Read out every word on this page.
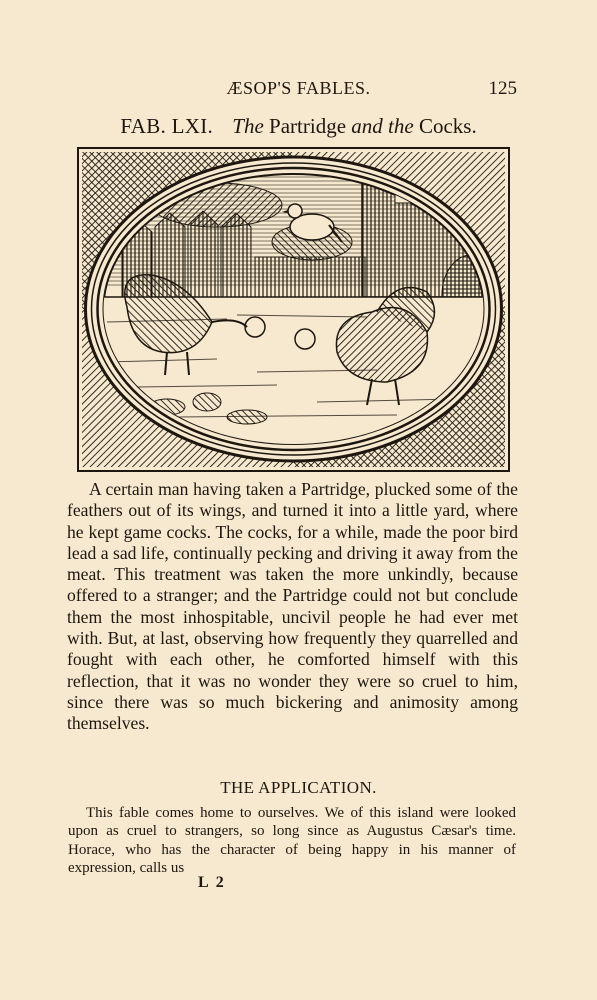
ÆSOP'S FABLES.	125
FAB. LXI. The Partridge and the Cocks.

A certain man having taken a Partridge, plucked some of the feathers out of its wings, and turned it into a little yard, where he kept game cocks. The cocks, for a while, made the poor bird lead a sad life, continually pecking and driving it away from the meat. This treatment was taken the more unkindly, because offered to a stranger; and the Partridge could not but conclude them the most inhospitable, uncivil people he had ever met with. But, at last, observing how frequently they quarrelled and fought with each other, he comforted himself with this reflection, that it was no wonder they were so cruel to him, since there was so much bickering and animosity among themselves.

THE APPLICATION.

This fable comes home to ourselves. We of this island were looked upon as cruel to strangers, so long since as Augustus Cæsar's time. Horace, who has the character of being happy in his manner of expression, calls us

L 2
